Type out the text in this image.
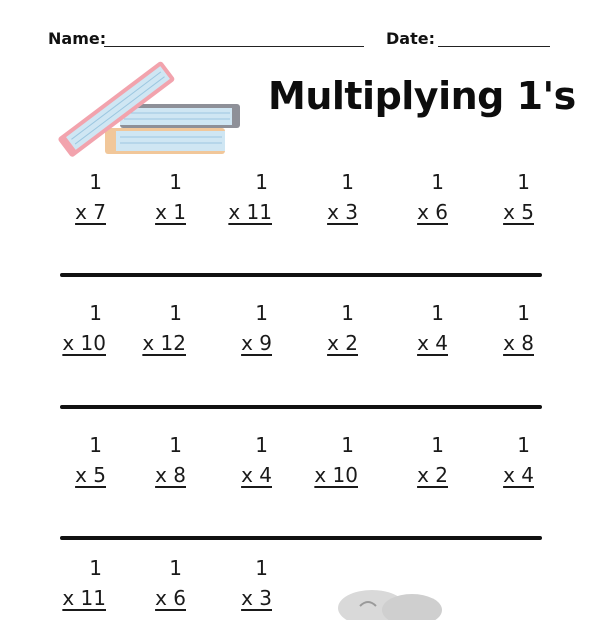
Name:	Date:
Multiplying 1's
1
x 7
1
x 1
1
x 11
1
x 3
1
x 6
1
x 5
1
x 10
1
x 12
1
x 9
1
x 2
1
x 4
1
x 8
1
x 5
1
x 8
1
x 4
1
x 10
1
x 2
1
x 4
1
x 11
1
x 6
1
x 3
